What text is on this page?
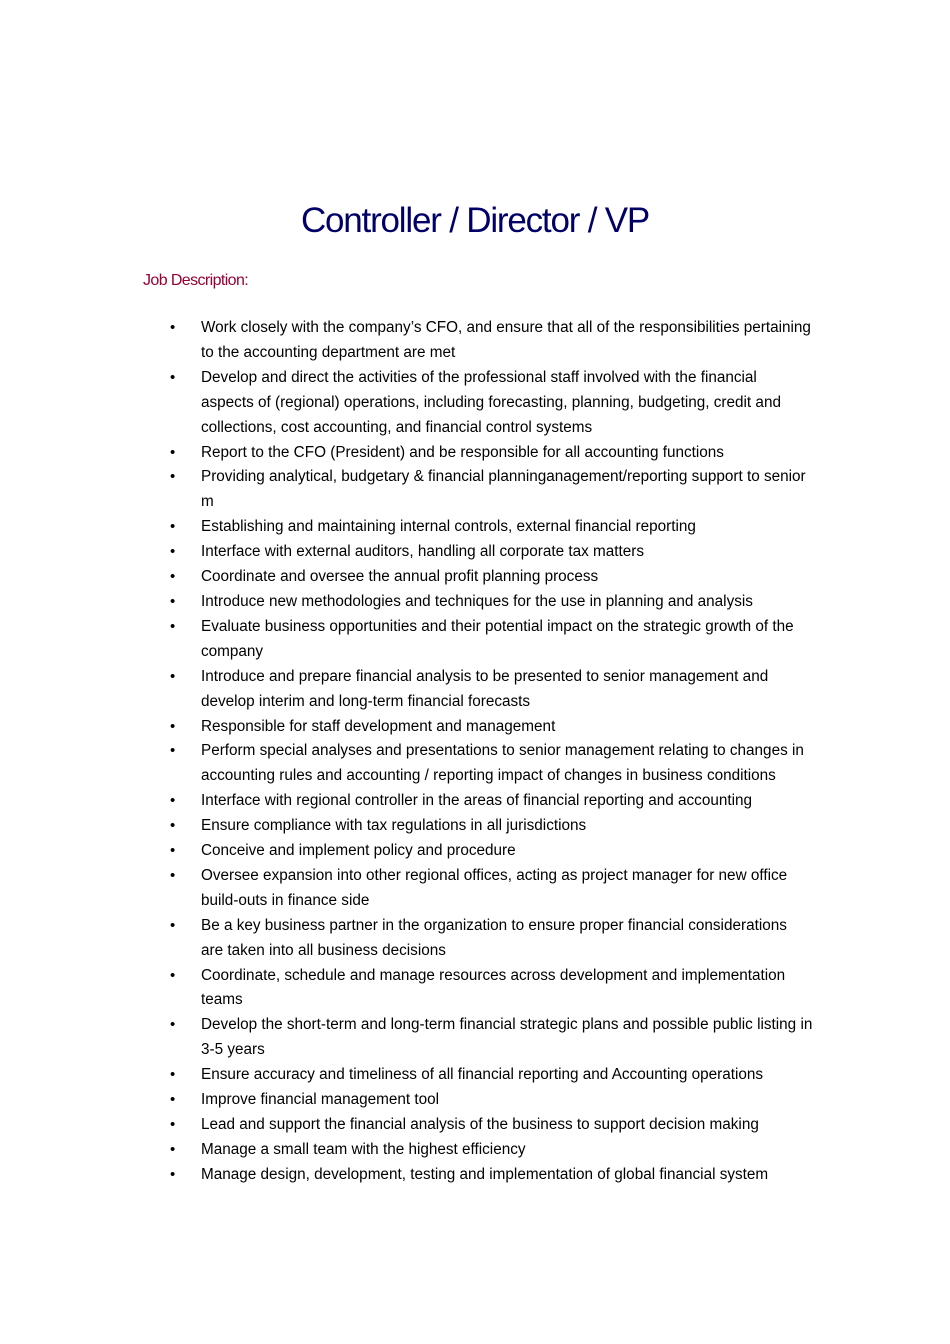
Controller / Director / VP
Job Description:
• Work closely with the company’s CFO, and ensure that all of the responsibilities pertaining to the accounting department are met
• Develop and direct the activities of the professional staff involved with the financial aspects of (regional) operations, including forecasting, planning, budgeting, credit and collections, cost accounting, and financial control systems
• Report to the CFO (President) and be responsible for all accounting functions
• Providing analytical, budgetary & financial planninganagement/reporting support to senior m
• Establishing and maintaining internal controls, external financial reporting
• Interface with external auditors, handling all corporate tax matters
• Coordinate and oversee the annual profit planning process
• Introduce new methodologies and techniques for the use in planning and analysis
• Evaluate business opportunities and their potential impact on the strategic growth of the company
• Introduce and prepare financial analysis to be presented to senior management and develop interim and long-term financial forecasts
• Responsible for staff development and management
• Perform special analyses and presentations to senior management relating to changes in accounting rules and accounting / reporting impact of changes in business conditions
• Interface with regional controller in the areas of financial reporting and accounting
• Ensure compliance with tax regulations in all jurisdictions
• Conceive and implement policy and procedure
• Oversee expansion into other regional offices, acting as project manager for new office build-outs in finance side
• Be a key business partner in the organization to ensure proper financial considerations are taken into all business decisions
• Coordinate, schedule and manage resources across development and implementation teams
• Develop the short-term and long-term financial strategic plans and possible public listing in 3-5 years
• Ensure accuracy and timeliness of all financial reporting and Accounting operations
• Improve financial management tool
• Lead and support the financial analysis of the business to support decision making
• Manage a small team with the highest efficiency
• Manage design, development, testing and implementation of global financial system
